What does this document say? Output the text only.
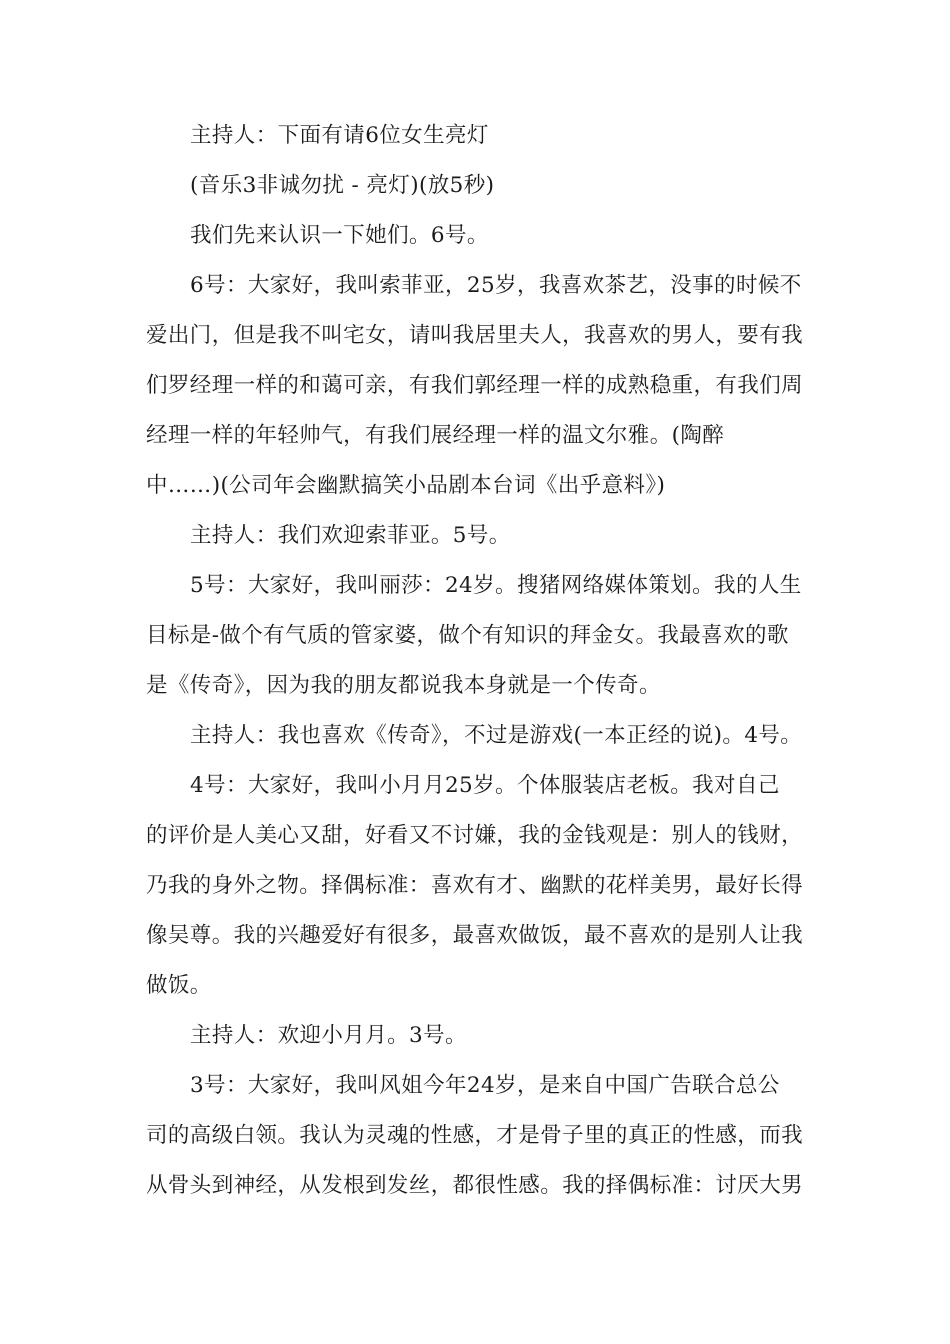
主持人：下面有请6位女生亮灯
(音乐3非诚勿扰 - 亮灯)(放5秒)
我们先来认识一下她们。6号。
6号：大家好，我叫索菲亚，25岁，我喜欢茶艺，没事的时候不
爱出门，但是我不叫宅女，请叫我居里夫人，我喜欢的男人，要有我
们罗经理一样的和蔼可亲，有我们郭经理一样的成熟稳重，有我们周
经理一样的年轻帅气，有我们展经理一样的温文尔雅。(陶醉
中……)(公司年会幽默搞笑小品剧本台词《出乎意料》)
主持人：我们欢迎索菲亚。5号。
5号：大家好，我叫丽莎：24岁。搜猪网络媒体策划。我的人生
目标是-做个有气质的管家婆，做个有知识的拜金女。我最喜欢的歌
是《传奇》，因为我的朋友都说我本身就是一个传奇。
主持人：我也喜欢《传奇》，不过是游戏(一本正经的说)。4号。
4号：大家好，我叫小月月25岁。个体服装店老板。我对自己
的评价是人美心又甜，好看又不讨嫌，我的金钱观是：别人的钱财，
乃我的身外之物。择偶标准：喜欢有才、幽默的花样美男，最好长得
像吴尊。我的兴趣爱好有很多，最喜欢做饭，最不喜欢的是别人让我
做饭。
主持人：欢迎小月月。3号。
3号：大家好，我叫风姐今年24岁，是来自中国广告联合总公
司的高级白领。我认为灵魂的性感，才是骨子里的真正的性感，而我
从骨头到神经，从发根到发丝，都很性感。我的择偶标准：讨厌大男
